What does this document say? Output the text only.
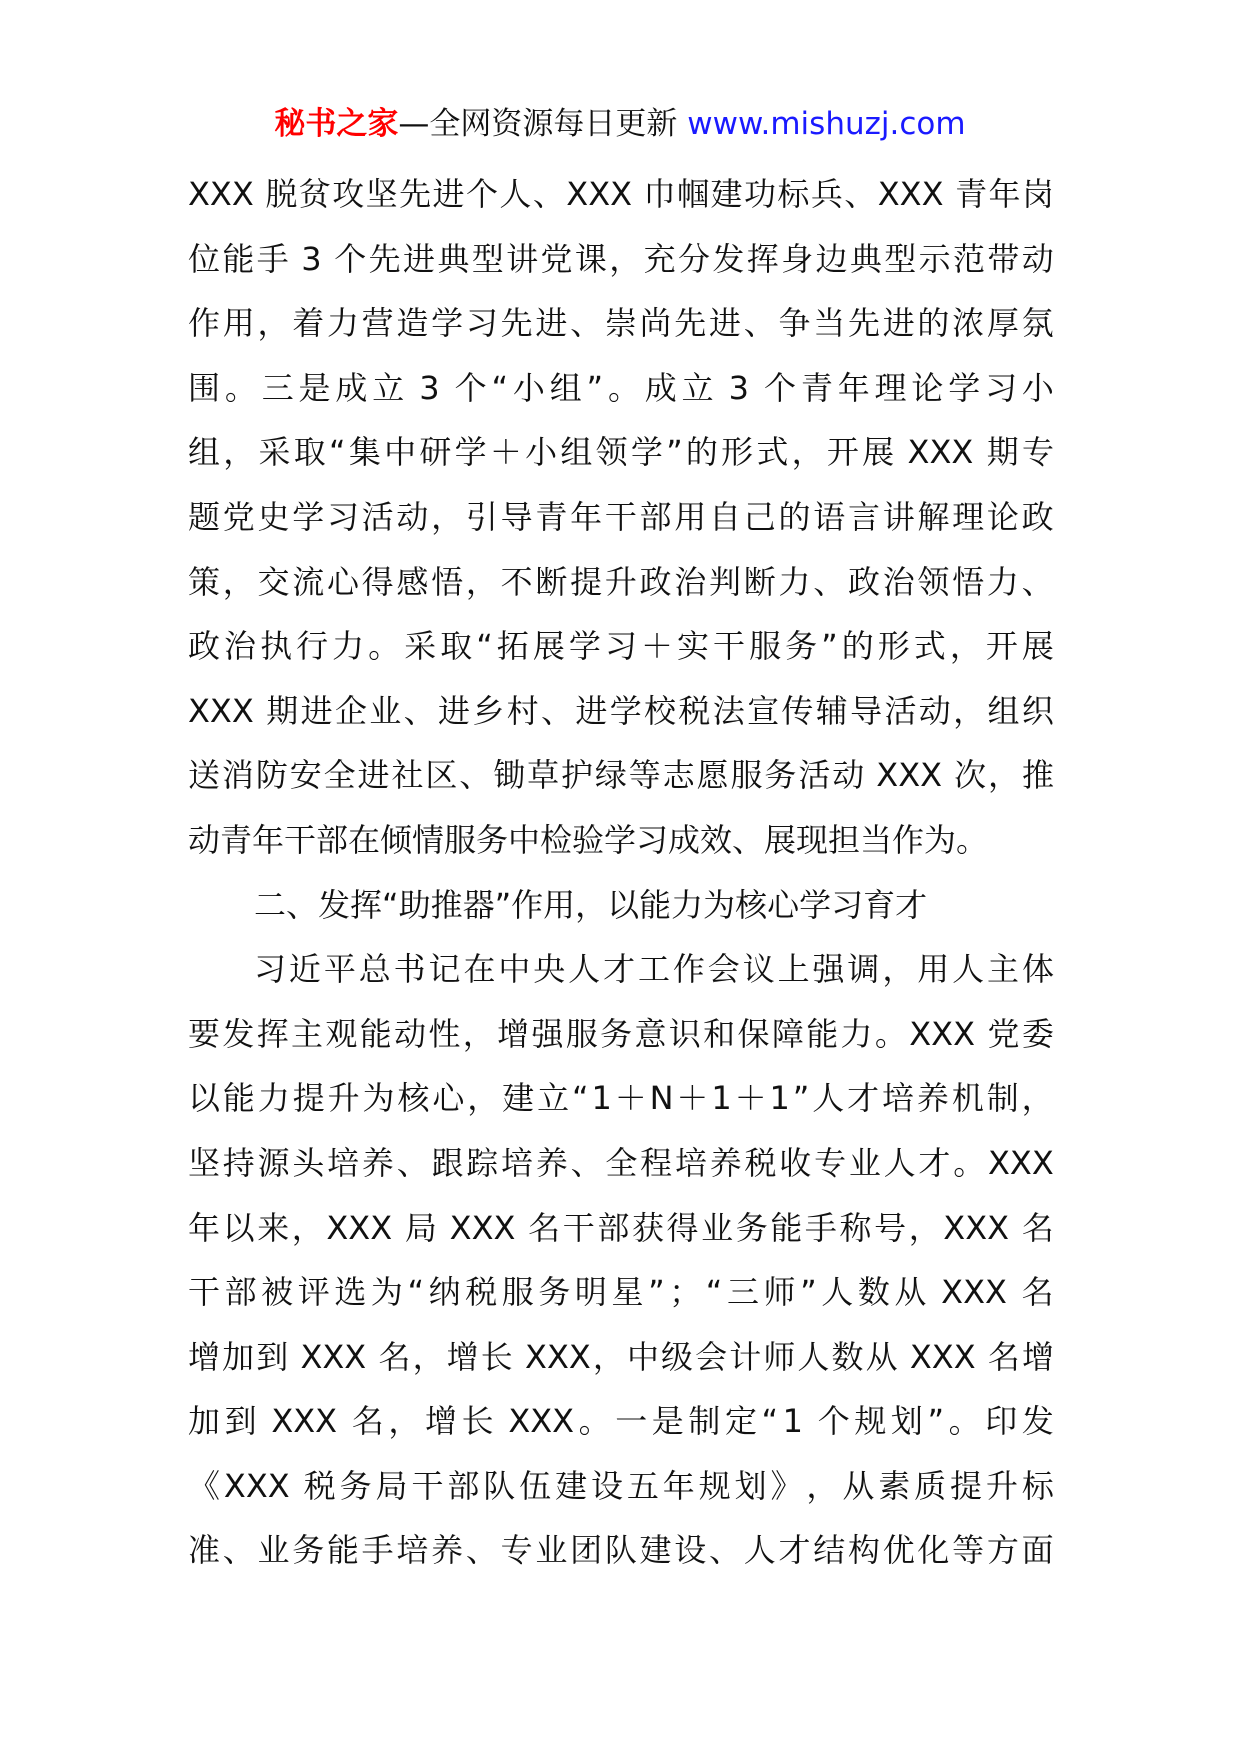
秘书之家—全网资源每日更新 www.mishuzj.com
XXX 脱 贫 攻 坚 先 进 个 人 、 XXX 巾 帼 建 功 标 兵 、 XXX 青 年 岗
位 能 手 3 个 先 进 典 型 讲 党 课 ， 充 分 发 挥 身 边 典 型 示 范 带 动
作 用 ， 着 力 营 造 学 习 先 进 、 崇 尚 先 进 、 争 当 先 进 的 浓 厚 氛
围 。 三 是 成 立 3 个 “ 小 组 ” 。 成 立 3 个 青 年 理 论 学 习 小
组 ， 采 取 “ 集 中 研 学 ＋ 小 组 领 学 ” 的 形 式 ， 开 展 XXX 期 专
题 党 史 学 习 活 动 ， 引 导 青 年 干 部 用 自 己 的 语 言 讲 解 理 论 政
策 ， 交 流 心 得 感 悟 ， 不 断 提 升 政 治 判 断 力 、 政 治 领 悟 力 、
政 治 执 行 力 。 采 取 “ 拓 展 学 习 ＋ 实 干 服 务 ” 的 形 式 ， 开 展
XXX 期 进 企 业 、 进 乡 村 、 进 学 校 税 法 宣 传 辅 导 活 动 ， 组 织
送 消 防 安 全 进 社 区 、 锄 草 护 绿 等 志 愿 服 务 活 动 XXX 次 ， 推
动青年干部在倾情服务中检验学习成效、展现担当作为。
二、发挥“助推器”作用，以能力为核心学习育才
习 近 平 总 书 记 在 中 央 人 才 工 作 会 议 上 强 调 ， 用 人 主 体
要 发 挥 主 观 能 动 性 ， 增 强 服 务 意 识 和 保 障 能 力 。 XXX 党 委
以 能 力 提 升 为 核 心 ， 建 立 “ 1 ＋ N ＋ 1 ＋ 1 ” 人 才 培 养 机 制 ，
坚 持 源 头 培 养 、 跟 踪 培 养 、 全 程 培 养 税 收 专 业 人 才 。 XXX
年 以 来 ， XXX 局 XXX 名 干 部 获 得 业 务 能 手 称 号 ， XXX 名
干 部 被 评 选 为 “ 纳 税 服 务 明 星 ” ； “ 三 师 ” 人 数 从 XXX 名
增 加 到 XXX 名 ， 增 长 XXX ， 中 级 会 计 师 人 数 从 XXX 名 增
加 到 XXX 名 ， 增 长 XXX 。 一 是 制 定 “ 1 个 规 划 ” 。 印 发
《 XXX 税 务 局 干 部 队 伍 建 设 五 年 规 划 》 ， 从 素 质 提 升 标
准 、 业 务 能 手 培 养 、 专 业 团 队 建 设 、 人 才 结 构 优 化 等 方 面
